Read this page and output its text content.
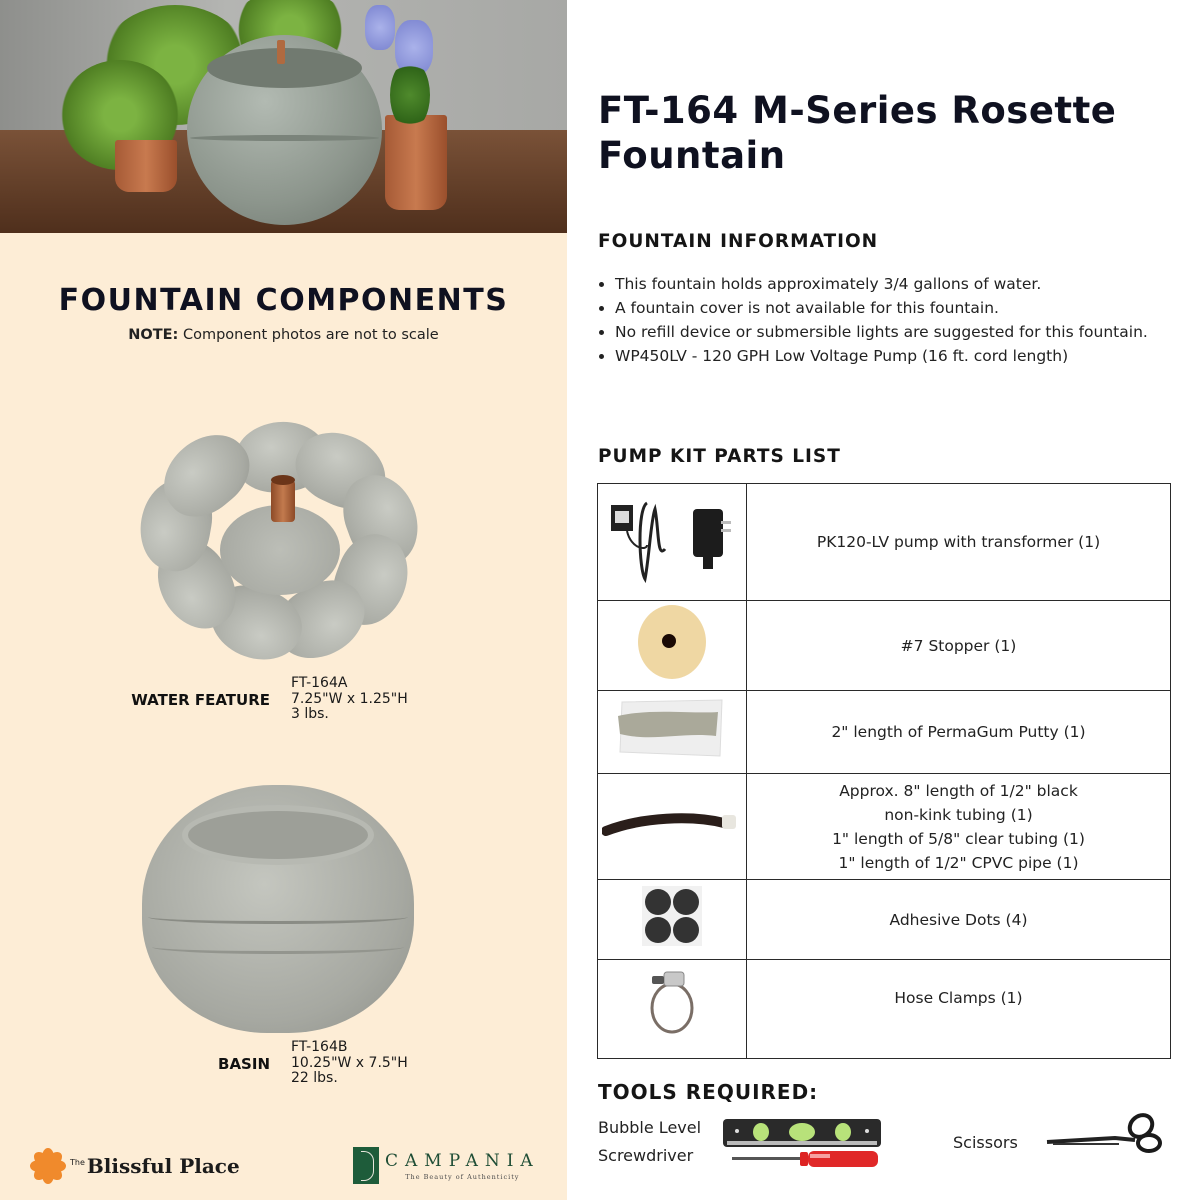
FOUNTAIN COMPONENTS
NOTE: Component photos are not to scale
WATER FEATURE
FT-164A
7.25"W x 1.25"H
3 lbs.
BASIN
FT-164B
10.25"W x 7.5"H
22 lbs.
The Blissful Place	CAMPANIA
The Beauty of Authenticity
FT-164 M-Series Rosette Fountain
FOUNTAIN INFORMATION
This fountain holds approximately 3/4 gallons of water.
A fountain cover is not available for this fountain.
No refill device or submersible lights are suggested for this fountain.
WP450LV - 120 GPH Low Voltage Pump (16 ft. cord length)
PUMP KIT PARTS LIST

PK120-LV pump with transformer (1)

#7 Stopper (1)

2" length of PermaGum Putty (1)

Approx. 8" length of 1/2" black
non-kink tubing (1)
1" length of 5/8" clear tubing (1)
1" length of 1/2" CPVC pipe (1)

Adhesive Dots (4)

Hose Clamps (1)
TOOLS REQUIRED:
Bubble Level
Screwdriver
Scissors
